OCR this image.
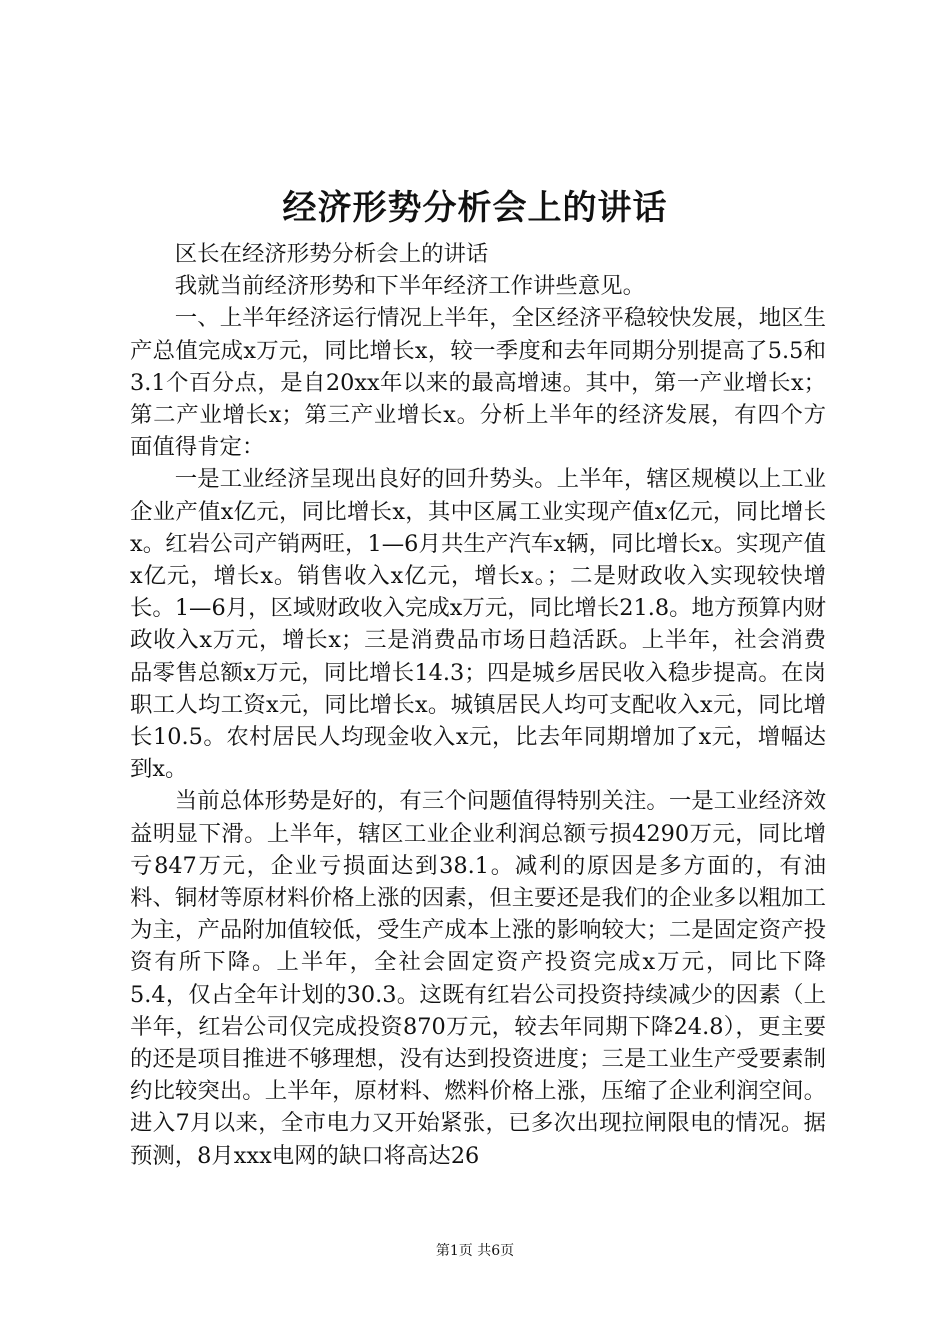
经济形势分析会上的讲话

区长在经济形势分析会上的讲话

我就当前经济形势和下半年经济工作讲些意见。

一、上半年经济运行情况上半年，全区经济平稳较快发展，地区生产总值完成x万元，同比增长x，较一季度和去年同期分别提高了5.5和3.1个百分点，是自20xx年以来的最高增速。其中，第一产业增长x；第二产业增长x；第三产业增长x。分析上半年的经济发展，有四个方面值得肯定：

一是工业经济呈现出良好的回升势头。上半年，辖区规模以上工业企业产值x亿元，同比增长x，其中区属工业实现产值x亿元，同比增长x。红岩公司产销两旺，1—6月共生产汽车x辆，同比增长x。实现产值x亿元，增长x。销售收入x亿元，增长x。；二是财政收入实现较快增长。1—6月，区域财政收入完成x万元，同比增长21.8。地方预算内财政收入x万元，增长x；三是消费品市场日趋活跃。上半年，社会消费品零售总额x万元，同比增长14.3；四是城乡居民收入稳步提高。在岗职工人均工资x元，同比增长x。城镇居民人均可支配收入x元，同比增长10.5。农村居民人均现金收入x元，比去年同期增加了x元，增幅达到x。

当前总体形势是好的，有三个问题值得特别关注。一是工业经济效益明显下滑。上半年，辖区工业企业利润总额亏损4290万元，同比增亏847万元，企业亏损面达到38.1。减利的原因是多方面的，有油料、铜材等原材料价格上涨的因素，但主要还是我们的企业多以粗加工为主，产品附加值较低，受生产成本上涨的影响较大；二是固定资产投资有所下降。上半年，全社会固定资产投资完成x万元，同比下降5.4，仅占全年计划的30.3。这既有红岩公司投资持续减少的因素（上半年，红岩公司仅完成投资870万元，较去年同期下降24.8），更主要的还是项目推进不够理想，没有达到投资进度；三是工业生产受要素制约比较突出。上半年，原材料、燃料价格上涨，压缩了企业利润空间。进入7月以来，全市电力又开始紧张，已多次出现拉闸限电的情况。据预测，8月xxx电网的缺口将高达26

第1页 共6页
